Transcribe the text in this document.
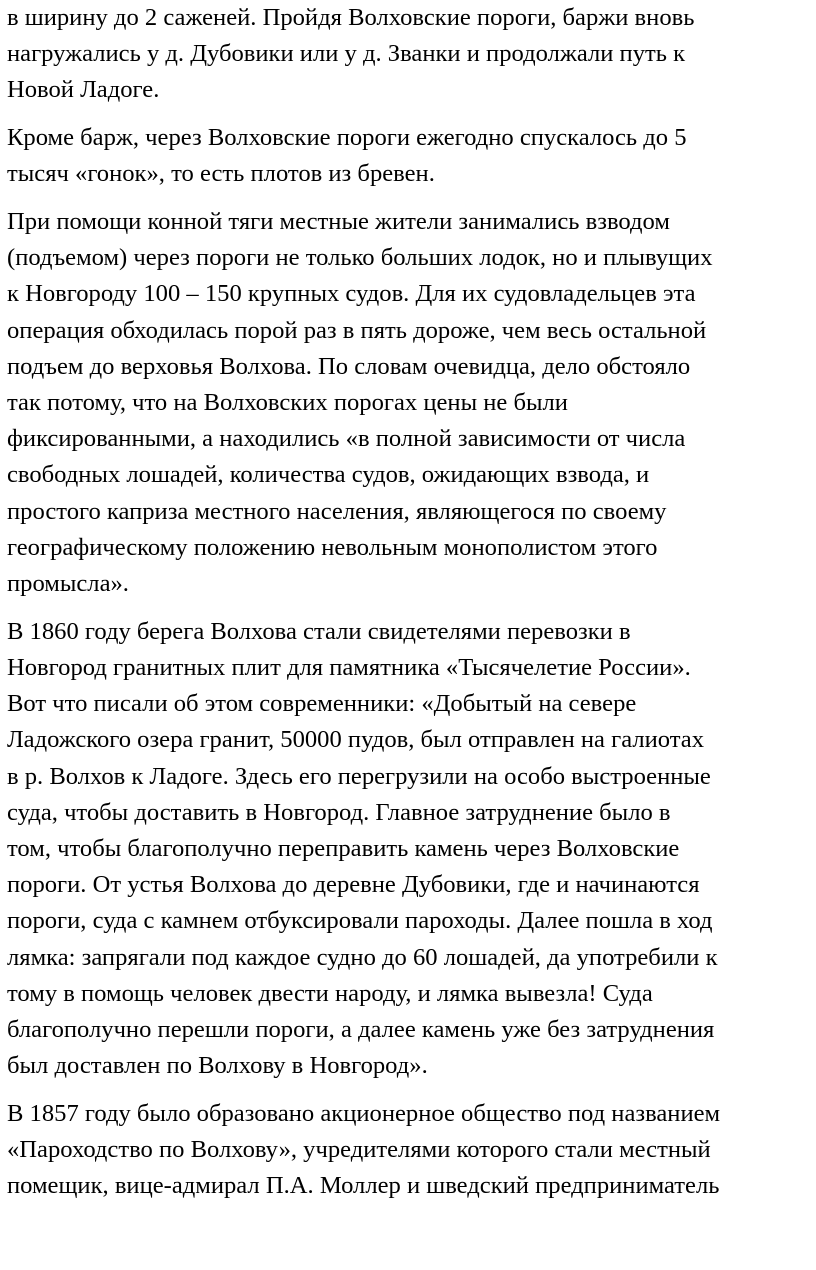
в ширину до 2 саженей. Пройдя Волховские пороги, баржи вновь
нагружались у д. Дубовики или у д. Званки и продолжали путь к
Новой Ладоге.

Кроме барж, через Волховские пороги ежегодно спускалось до 5
тысяч «гонок», то есть плотов из бревен.

При помощи конной тяги местные жители занимались взводом
(подъемом) через пороги не только больших лодок, но и плывущих
к Новгороду 100 – 150 крупных судов. Для их судовладельцев эта
операция обходилась порой раз в пять дороже, чем весь остальной
подъем до верховья Волхова. По словам очевидца, дело обстояло
так потому, что на Волховских порогах цены не были
фиксированными, а находились «в полной зависимости от числа
свободных лошадей, количества судов, ожидающих взвода, и
простого каприза местного населения, являющегося по своему
географическому положению невольным монополистом этого
промысла».

В 1860 году берега Волхова стали свидетелями перевозки в
Новгород гранитных плит для памятника «Тысячелетие России».
Вот что писали об этом современники: «Добытый на севере
Ладожского озера гранит, 50000 пудов, был отправлен на галиотах
в р. Волхов к Ладоге. Здесь его перегрузили на особо выстроенные
суда, чтобы доставить в Новгород. Главное затруднение было в
том, чтобы благополучно переправить камень через Волховские
пороги. От устья Волхова до деревне Дубовики, где и начинаются
пороги, суда с камнем отбуксировали пароходы. Далее пошла в ход
лямка: запрягали под каждое судно до 60 лошадей, да употребили к
тому в помощь человек двести народу, и лямка вывезла! Суда
благополучно перешли пороги, а далее камень уже без затруднения
был доставлен по Волхову в Новгород».

В 1857 году было образовано акционерное общество под названием
«Пароходство по Волхову», учредителями которого стали местный
помещик, вице-адмирал П.А. Моллер и шведский предприниматель
